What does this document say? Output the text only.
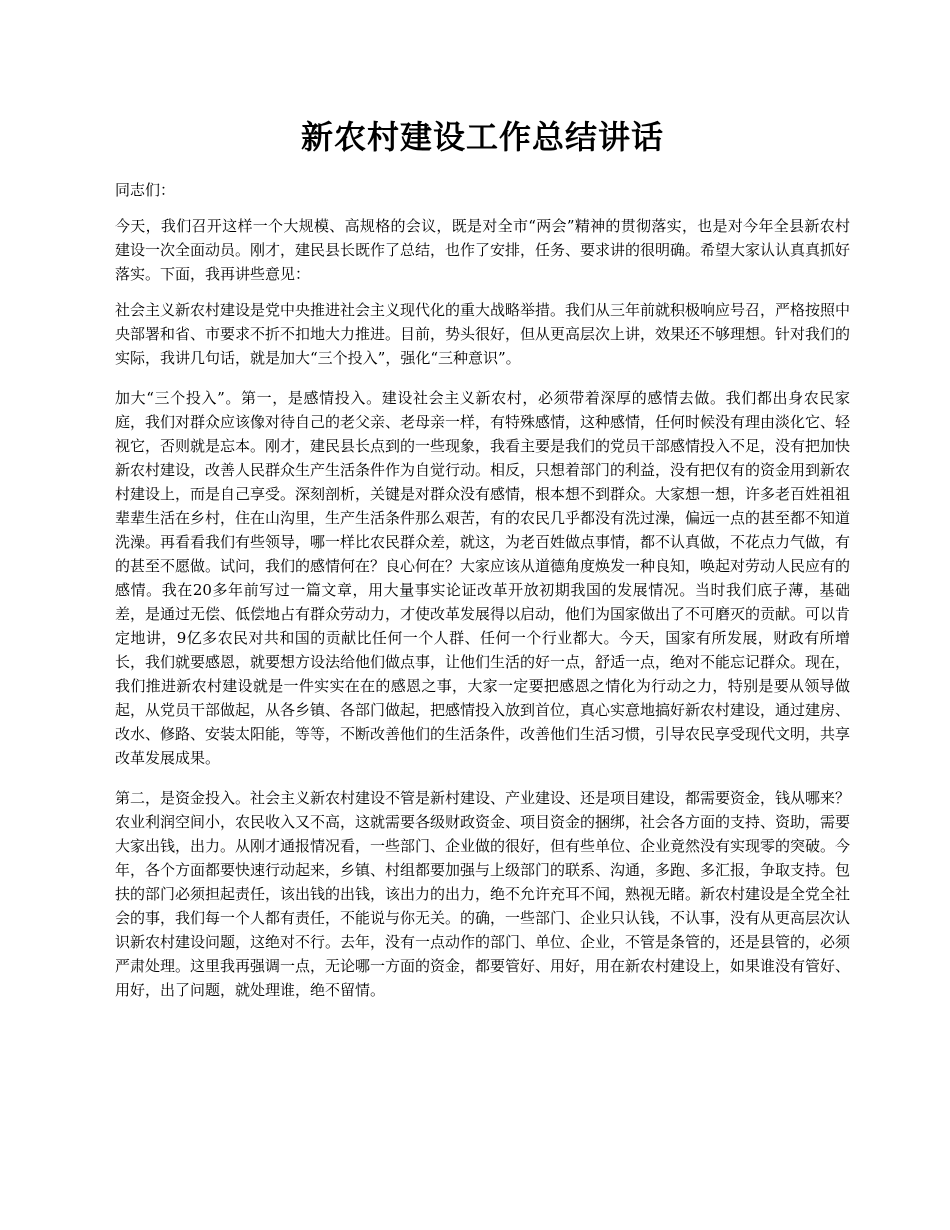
新农村建设工作总结讲话

同志们：

今天，我们召开这样一个大规模、高规格的会议，既是对全市“两会”精神的贯彻落实，也是对今年全县新农村建设一次全面动员。刚才，建民县长既作了总结，也作了安排，任务、要求讲的很明确。希望大家认认真真抓好落实。下面，我再讲些意见：

社会主义新农村建设是党中央推进社会主义现代化的重大战略举措。我们从三年前就积极响应号召，严格按照中央部署和省、市要求不折不扣地大力推进。目前，势头很好，但从更高层次上讲，效果还不够理想。针对我们的实际，我讲几句话，就是加大“三个投入”，强化“三种意识”。

加大“三个投入”。第一，是感情投入。建设社会主义新农村，必须带着深厚的感情去做。我们都出身农民家庭，我们对群众应该像对待自己的老父亲、老母亲一样，有特殊感情，这种感情，任何时候没有理由淡化它、轻视它，否则就是忘本。刚才，建民县长点到的一些现象，我看主要是我们的党员干部感情投入不足，没有把加快新农村建设，改善人民群众生产生活条件作为自觉行动。相反，只想着部门的利益，没有把仅有的资金用到新农村建设上，而是自己享受。深刻剖析，关键是对群众没有感情，根本想不到群众。大家想一想，许多老百姓祖祖辈辈生活在乡村，住在山沟里，生产生活条件那么艰苦，有的农民几乎都没有洗过澡，偏远一点的甚至都不知道洗澡。再看看我们有些领导，哪一样比农民群众差，就这，为老百姓做点事情，都不认真做，不花点力气做，有的甚至不愿做。试问，我们的感情何在？良心何在？大家应该从道德角度焕发一种良知，唤起对劳动人民应有的感情。我在20多年前写过一篇文章，用大量事实论证改革开放初期我国的发展情况。当时我们底子薄，基础差，是通过无偿、低偿地占有群众劳动力，才使改革发展得以启动，他们为国家做出了不可磨灭的贡献。可以肯定地讲，9亿多农民对共和国的贡献比任何一个人群、任何一个行业都大。今天，国家有所发展，财政有所增长，我们就要感恩，就要想方设法给他们做点事，让他们生活的好一点，舒适一点，绝对不能忘记群众。现在，我们推进新农村建设就是一件实实在在的感恩之事，大家一定要把感恩之情化为行动之力，特别是要从领导做起，从党员干部做起，从各乡镇、各部门做起，把感情投入放到首位，真心实意地搞好新农村建设，通过建房、改水、修路、安装太阳能，等等，不断改善他们的生活条件，改善他们生活习惯，引导农民享受现代文明，共享改革发展成果。

第二，是资金投入。社会主义新农村建设不管是新村建设、产业建设、还是项目建设，都需要资金，钱从哪来？农业利润空间小，农民收入又不高，这就需要各级财政资金、项目资金的捆绑，社会各方面的支持、资助，需要大家出钱，出力。从刚才通报情况看，一些部门、企业做的很好，但有些单位、企业竟然没有实现零的突破。今年，各个方面都要快速行动起来，乡镇、村组都要加强与上级部门的联系、沟通，多跑、多汇报，争取支持。包扶的部门必须担起责任，该出钱的出钱，该出力的出力，绝不允许充耳不闻，熟视无睹。新农村建设是全党全社会的事，我们每一个人都有责任，不能说与你无关。的确，一些部门、企业只认钱，不认事，没有从更高层次认识新农村建设问题，这绝对不行。去年，没有一点动作的部门、单位、企业，不管是条管的，还是县管的，必须严肃处理。这里我再强调一点，无论哪一方面的资金，都要管好、用好，用在新农村建设上，如果谁没有管好、用好，出了问题，就处理谁，绝不留情。
